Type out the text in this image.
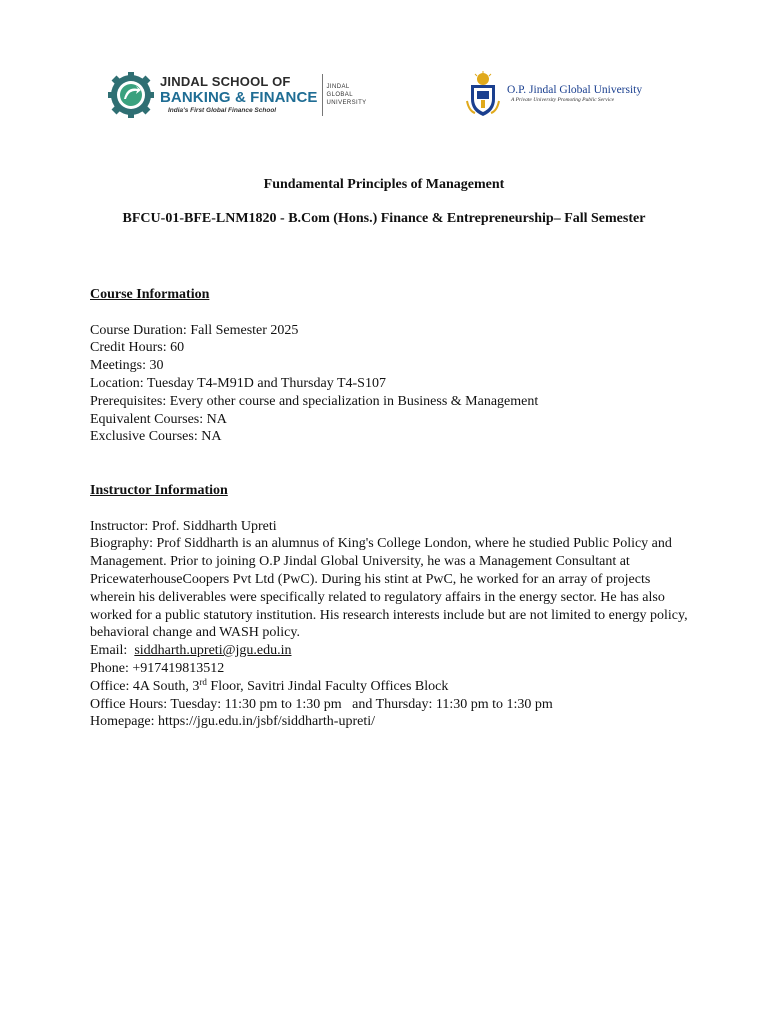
JINDAL SCHOOL OF
BANKING & FINANCE
India's First Global Finance School
JINDAL
GLOBAL
UNIVERSITY
O.P. Jindal Global University
A Private University Promoting Public Service
Fundamental Principles of Management
BFCU-01-BFE-LNM1820 - B.Com (Hons.) Finance & Entrepreneurship– Fall Semester
Course Information
Course Duration: Fall Semester 2025
Credit Hours: 60
Meetings: 30
Location: Tuesday T4-M91D and Thursday T4-S107
Prerequisites: Every other course and specialization in Business & Management
Equivalent Courses: NA
Exclusive Courses: NA
Instructor Information
Instructor: Prof. Siddharth Upreti
Biography: Prof Siddharth is an alumnus of King's College London, where he studied Public Policy and Management. Prior to joining O.P Jindal Global University, he was a Management Consultant at PricewaterhouseCoopers Pvt Ltd (PwC). During his stint at PwC, he worked for an array of projects wherein his deliverables were specifically related to regulatory affairs in the energy sector. He has also worked for a public statutory institution. His research interests include but are not limited to energy policy, behavioral change and WASH policy.
Email:  siddharth.upreti@jgu.edu.in
Phone: +917419813512
Office: 4A South, 3rd Floor, Savitri Jindal Faculty Offices Block
Office Hours: Tuesday: 11:30 pm to 1:30 pm   and Thursday: 11:30 pm to 1:30 pm
Homepage: https://jgu.edu.in/jsbf/siddharth-upreti/
